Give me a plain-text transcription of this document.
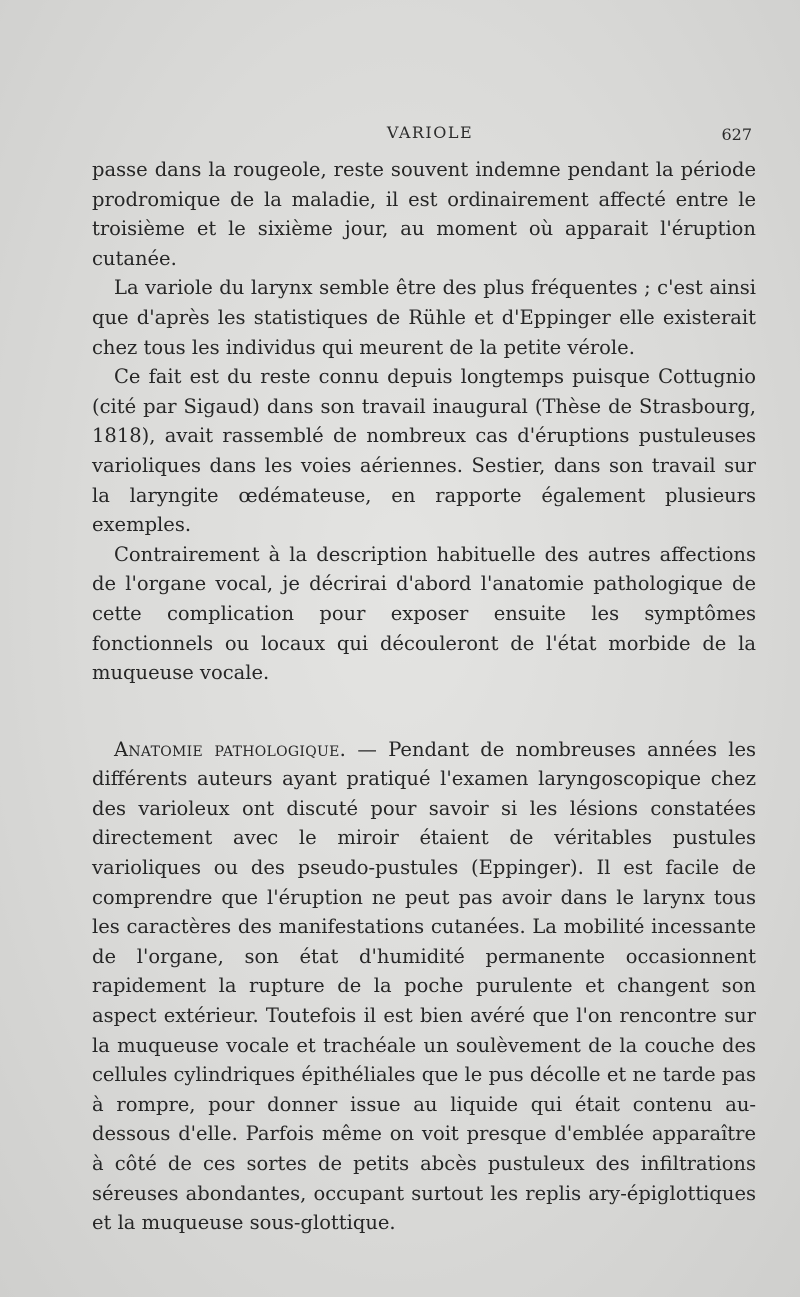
VARIOLE	627

passe dans la rougeole, reste souvent indemne pendant la période prodromique de la maladie, il est ordinairement affecté entre le troisième et le sixième jour, au moment où apparait l'éruption cutanée.

La variole du larynx semble être des plus fréquentes ; c'est ainsi que d'après les statistiques de Rühle et d'Eppinger elle existerait chez tous les individus qui meurent de la petite vérole.

Ce fait est du reste connu depuis longtemps puisque Cottugnio (cité par Sigaud) dans son travail inaugural (Thèse de Strasbourg, 1818), avait rassemblé de nombreux cas d'éruptions pustuleuses varioliques dans les voies aériennes. Sestier, dans son travail sur la laryngite œdémateuse, en rapporte également plusieurs exemples.

Contrairement à la description habituelle des autres affections de l'organe vocal, je décrirai d'abord l'anatomie pathologique de cette complication pour exposer ensuite les symptômes fonctionnels ou locaux qui découleront de l'état morbide de la muqueuse vocale.

Anatomie pathologique. — Pendant de nombreuses années les différents auteurs ayant pratiqué l'examen laryngoscopique chez des varioleux ont discuté pour savoir si les lésions constatées directement avec le miroir étaient de véritables pustules varioliques ou des pseudo-pustules (Eppinger). Il est facile de comprendre que l'éruption ne peut pas avoir dans le larynx tous les caractères des manifestations cutanées. La mobilité incessante de l'organe, son état d'humidité permanente occasionnent rapidement la rupture de la poche purulente et changent son aspect extérieur. Toutefois il est bien avéré que l'on rencontre sur la muqueuse vocale et trachéale un soulèvement de la couche des cellules cylindriques épithéliales que le pus décolle et ne tarde pas à rompre, pour donner issue au liquide qui était contenu au-dessous d'elle. Parfois même on voit presque d'emblée apparaître à côté de ces sortes de petits abcès pustuleux des infiltrations séreuses abondantes, occupant surtout les replis ary-épiglottiques et la muqueuse sous-glottique.
